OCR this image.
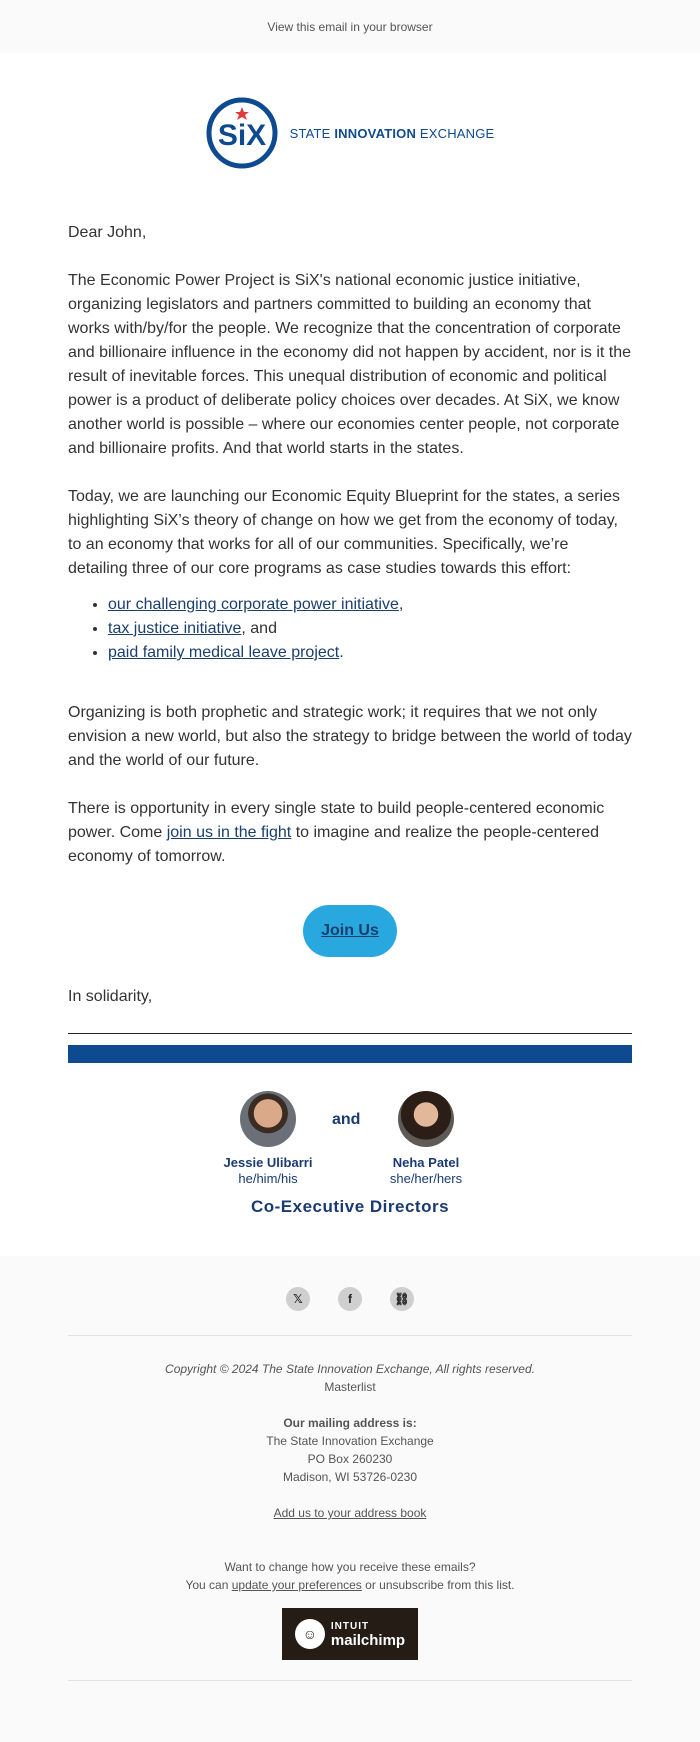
View this email in your browser
SiX STATE INNOVATION EXCHANGE

Dear John,

The Economic Power Project is SiX's national economic justice initiative, organizing legislators and partners committed to building an economy that works with/by/for the people. We recognize that the concentration of corporate and billionaire influence in the economy did not happen by accident, nor is it the result of inevitable forces. This unequal distribution of economic and political power is a product of deliberate policy choices over decades. At SiX, we know another world is possible – where our economies center people, not corporate and billionaire profits. And that world starts in the states.

Today, we are launching our Economic Equity Blueprint for the states, a series highlighting SiX’s theory of change on how we get from the economy of today, to an economy that works for all of our communities. Specifically, we’re detailing three of our core programs as case studies towards this effort:

• our challenging corporate power initiative,
• tax justice initiative, and
• paid family medical leave project.

Organizing is both prophetic and strategic work; it requires that we not only envision a new world, but also the strategy to bridge between the world of today and the world of our future.

There is opportunity in every single state to build people-centered economic power. Come join us in the fight to imagine and realize the people-centered economy of tomorrow.

Join Us

In solidarity,

and
Jessie Ulibarri
he/him/his
Neha Patel
she/her/hers
Co-Executive Directors
𝕏	f	⛓
Copyright © 2024 The State Innovation Exchange, All rights reserved.
Masterlist
Our mailing address is:
The State Innovation Exchange
PO Box 260230
Madison, WI 53726-0230
Add us to your address book
Want to change how you receive these emails?
You can update your preferences or unsubscribe from this list.
☺	INTUIT
mailchimp
